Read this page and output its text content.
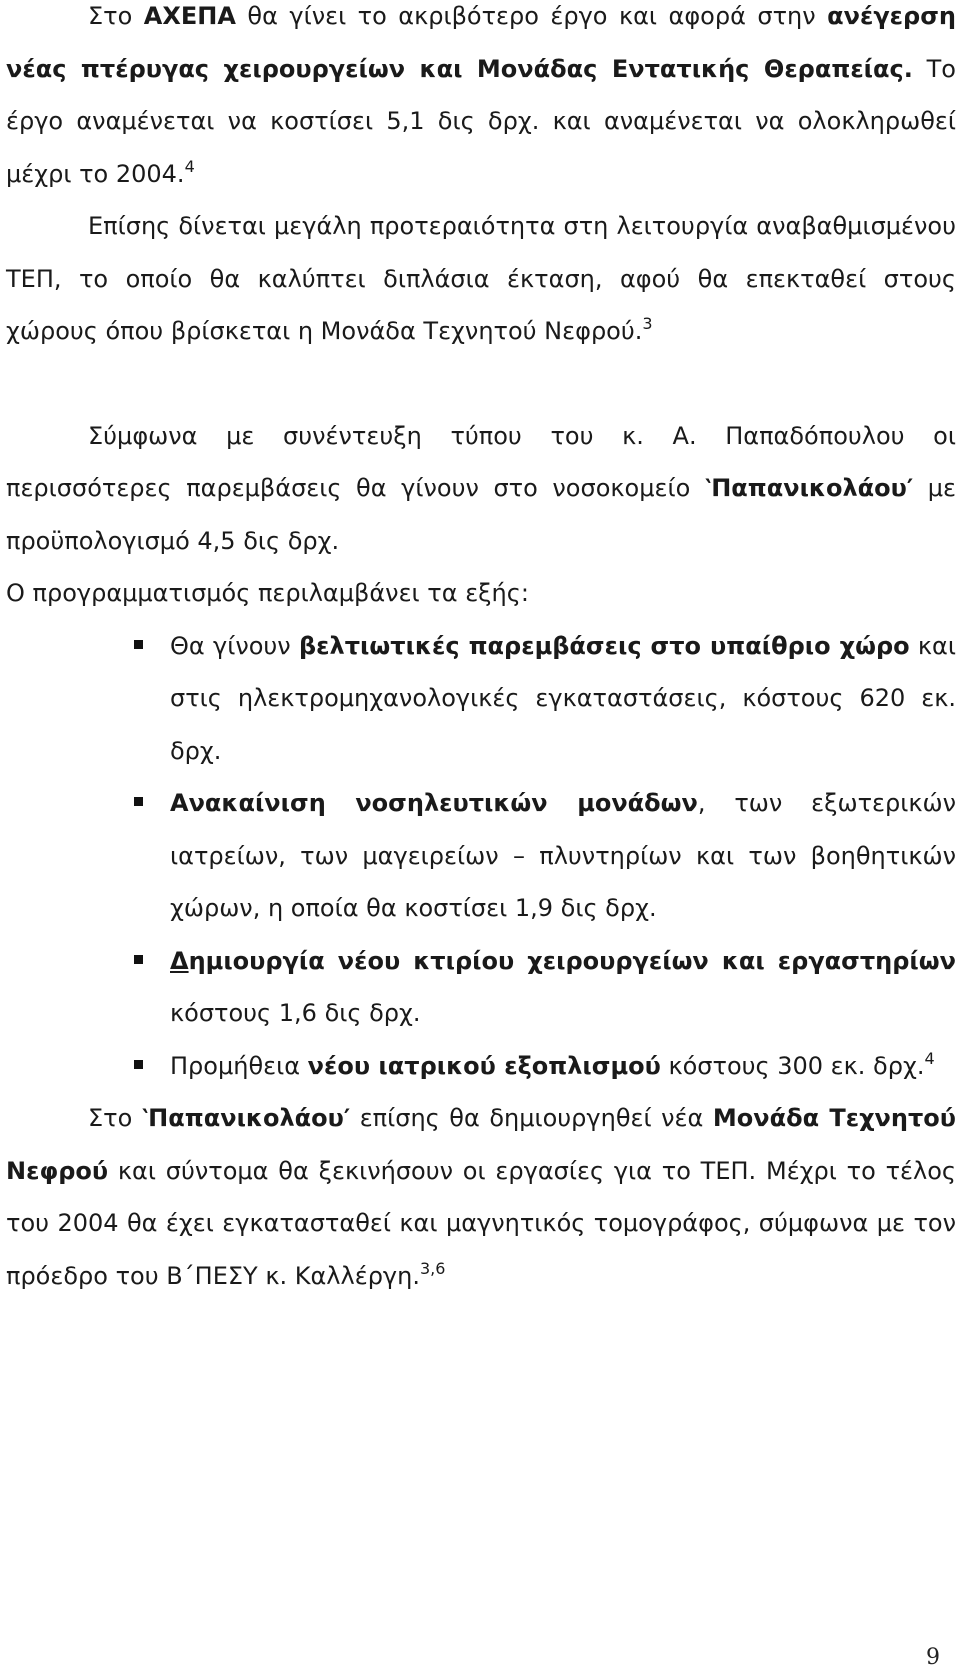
Στο ΑΧΕΠΑ θα γίνει το ακριβότερο έργο και αφορά στην ανέγερση νέας πτέρυγας χειρουργείων και Μονάδας Εντατικής Θεραπείας. Το έργο αναμένεται να κοστίσει 5,1 δις δρχ. και αναμένεται να ολοκληρωθεί μέχρι το 2004.$^4$

Επίσης δίνεται μεγάλη προτεραιότητα στη λειτουργία αναβαθμισμένου ΤΕΠ, το οποίο θα καλύπτει διπλάσια έκταση, αφού θα επεκταθεί στους χώρους όπου βρίσκεται η Μονάδα Τεχνητού Νεφρού.$^3$

Σύμφωνα με συνέντευξη τύπου του κ. Α. Παπαδόπουλου οι περισσότερες παρεμβάσεις θα γίνουν στο νοσοκομείο ‵Παπανικολάου′ με προϋπολογισμό 4,5 δις δρχ.

Ο προγραμματισμός περιλαμβάνει τα εξής:

Θα γίνουν βελτιωτικές παρεμβάσεις στο υπαίθριο χώρο και στις ηλεκτρομηχανολογικές εγκαταστάσεις, κόστους 620 εκ. δρχ.
Ανακαίνιση νοσηλευτικών μονάδων, των εξωτερικών ιατρείων, των μαγειρείων – πλυντηρίων και των βοηθητικών χώρων, η οποία θα κοστίσει 1,9 δις δρχ.
Δημιουργία νέου κτιρίου χειρουργείων και εργαστηρίων κόστους 1,6 δις δρχ.
Προμήθεια νέου ιατρικού εξοπλισμού κόστους 300 εκ. δρχ.$^4$

Στο ‵Παπανικολάου′ επίσης θα δημιουργηθεί νέα Μονάδα Τεχνητού Νεφρού και σύντομα θα ξεκινήσουν οι εργασίες για το ΤΕΠ. Μέχρι το τέλος του 2004 θα έχει εγκατασταθεί και μαγνητικός τομογράφος, σύμφωνα με τον πρόεδρο του Β΄ΠΕΣΥ κ. Καλλέργη.$^{3,6}$

9
